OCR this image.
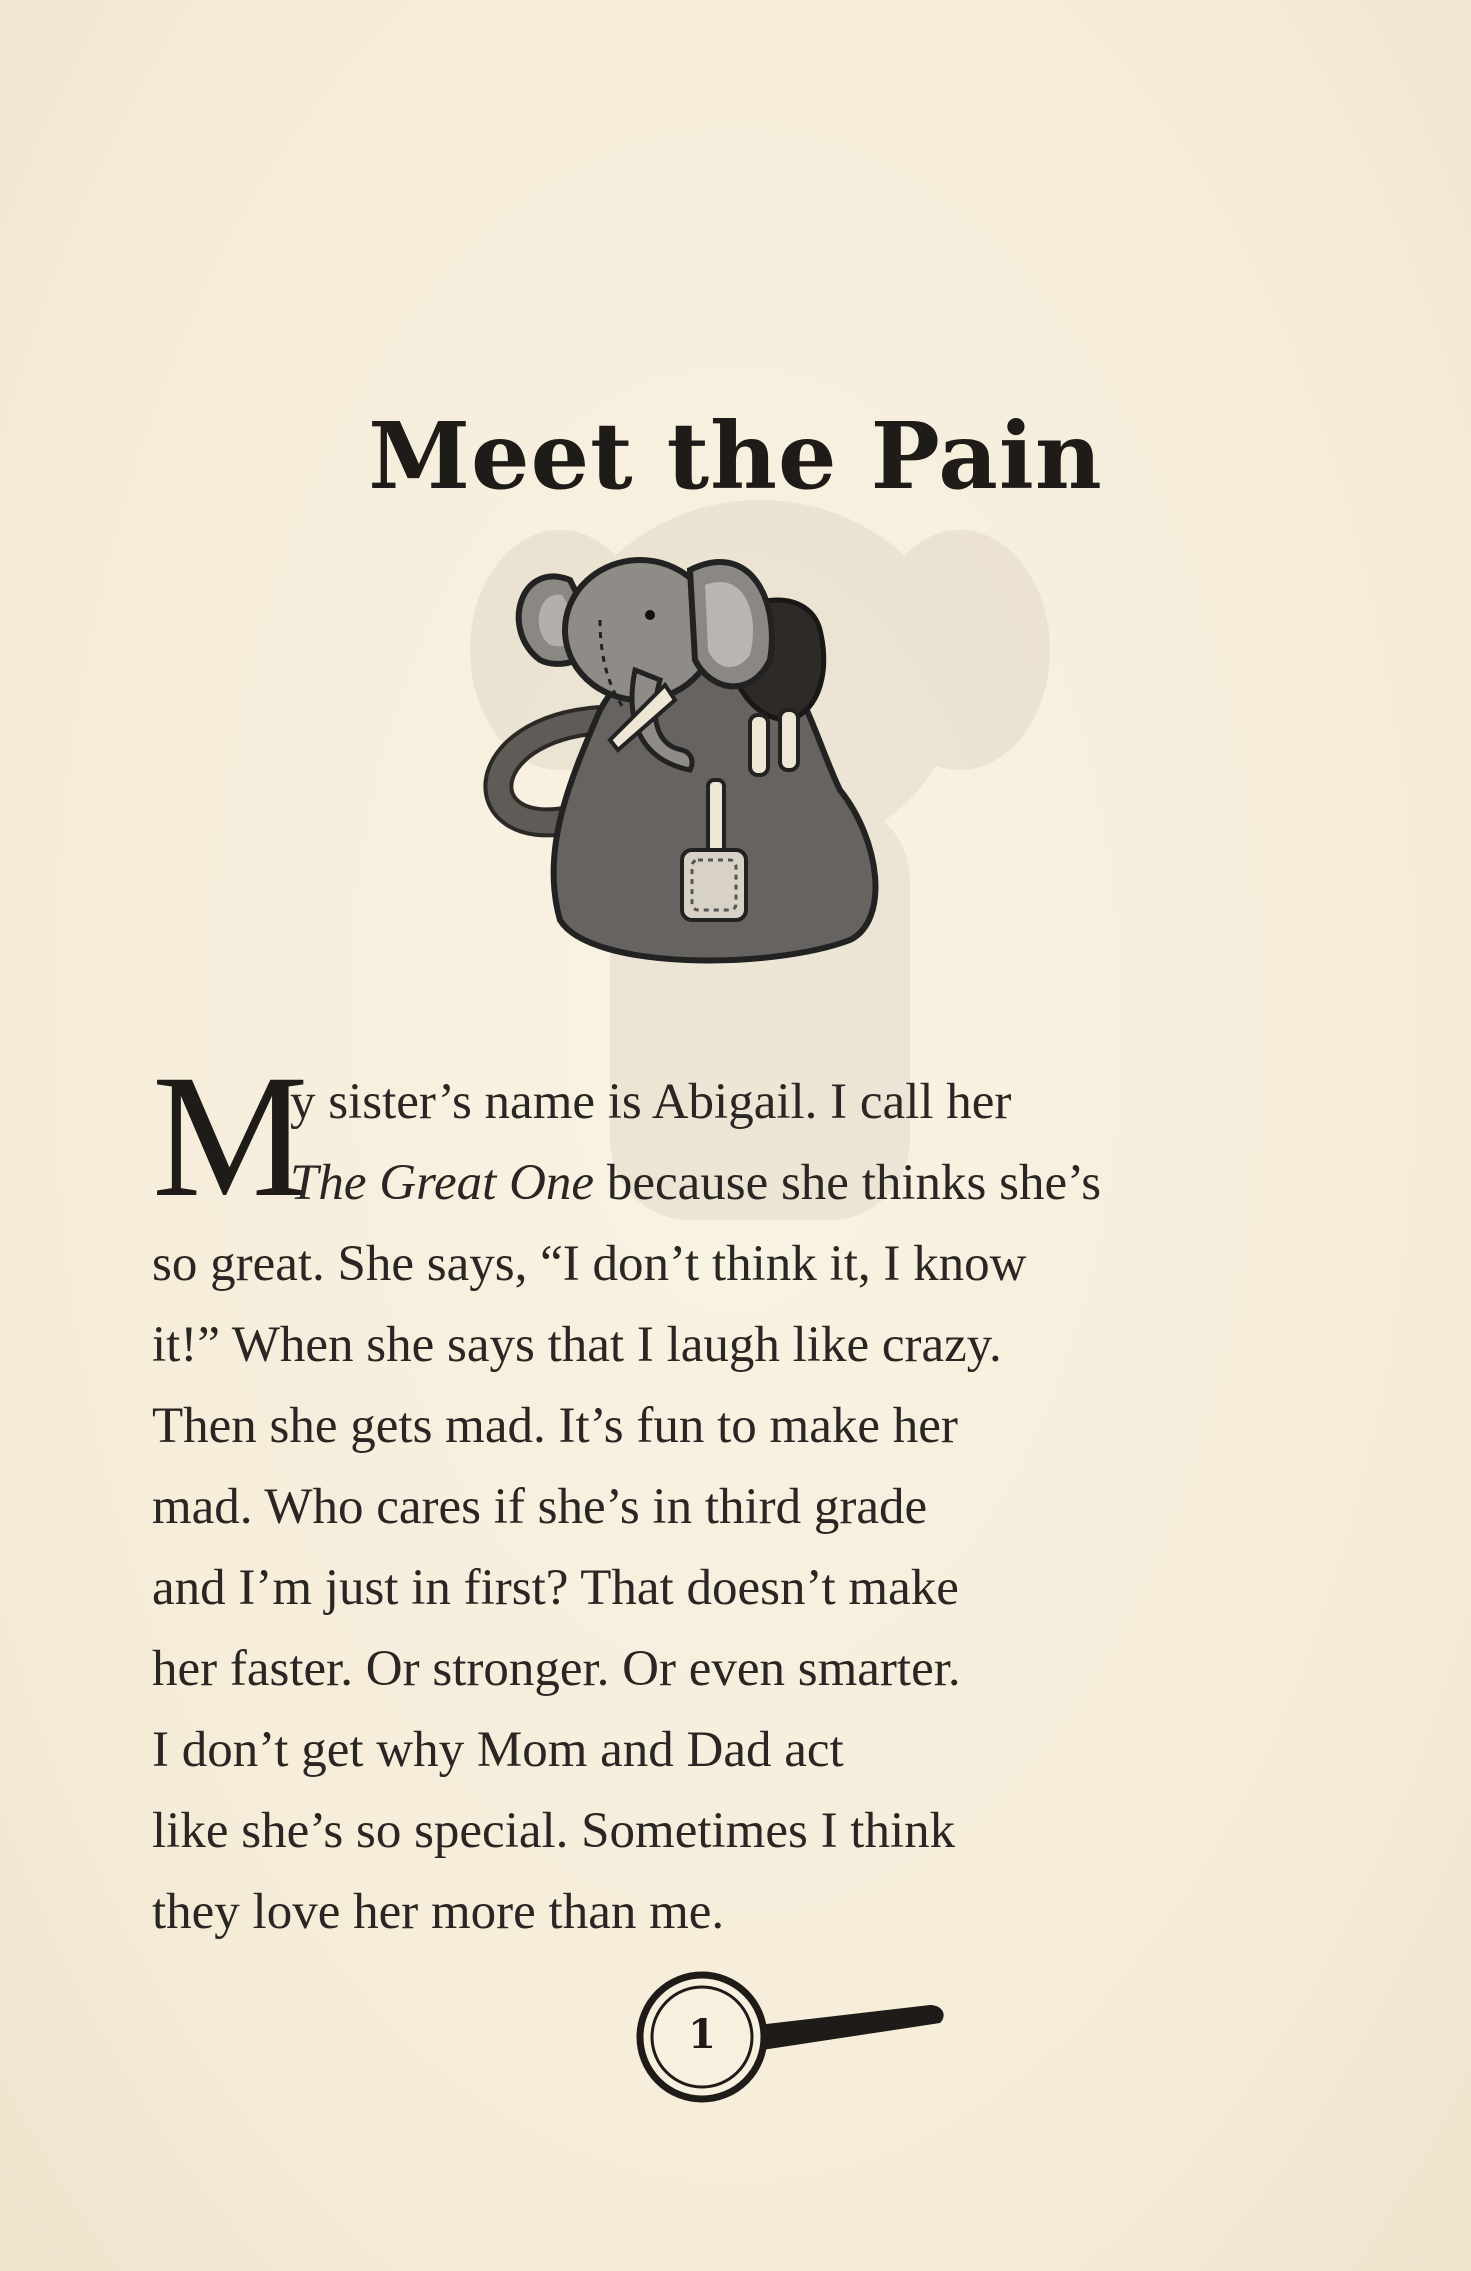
Meet the Pain
M
y sister’s name is Abigail. I call her
The Great One because she thinks she’s
so great. She says, “I don’t think it, I know
it!” When she says that I laugh like crazy.
Then she gets mad. It’s fun to make her
mad. Who cares if she’s in third grade
and I’m just in first? That doesn’t make
her faster. Or stronger. Or even smarter.
I don’t get why Mom and Dad act
like she’s so special. Sometimes I think
they love her more than me.
1
